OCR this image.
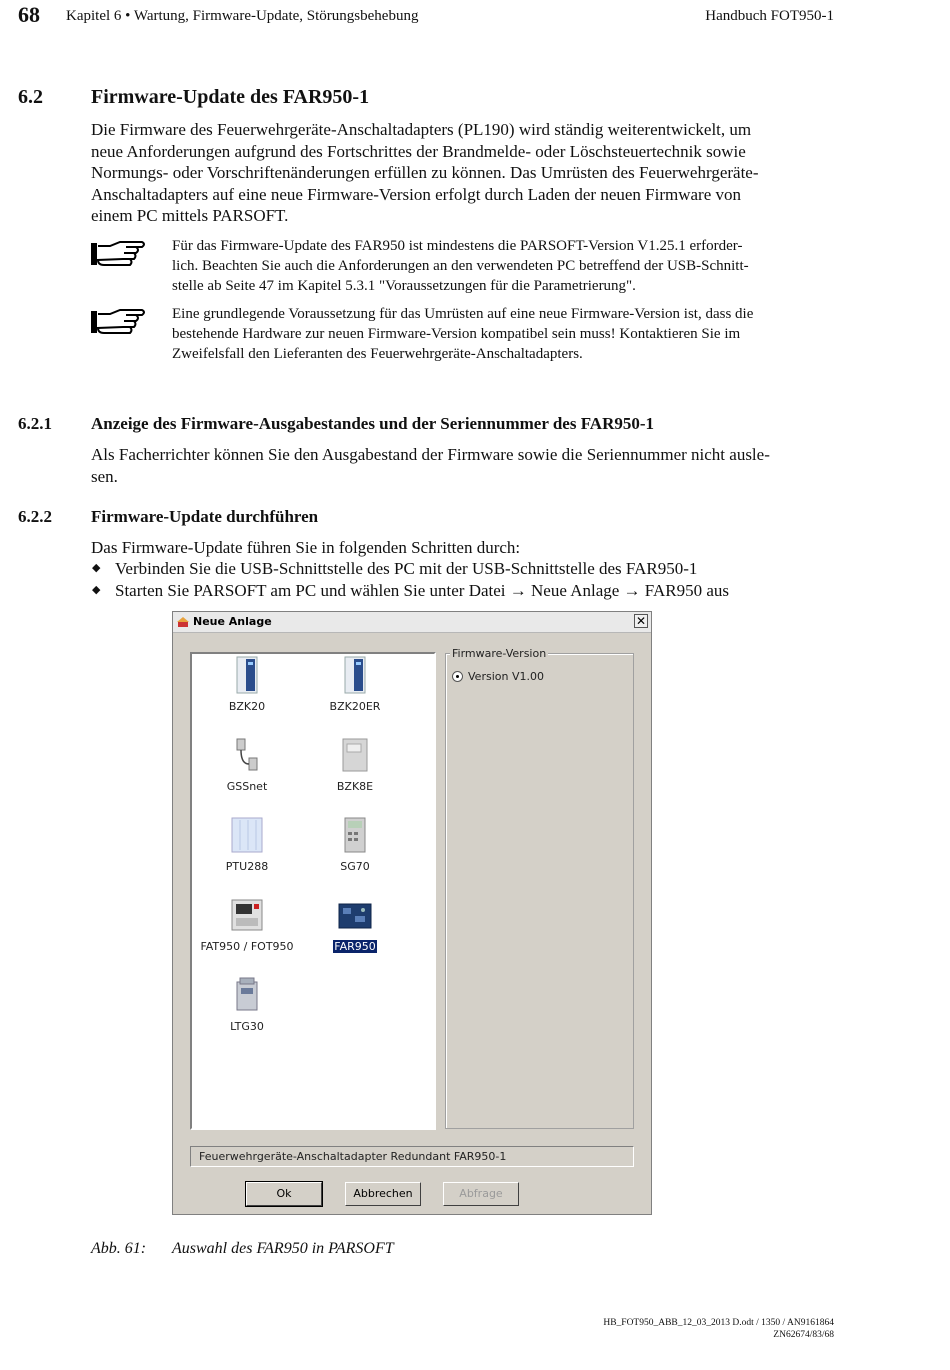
68 Kapitel 6 • Wartung, Firmware-Update, Störungsbehebung	Handbuch FOT950-1
6.2 Firmware-Update des FAR950-1

Die Firmware des Feuerwehrgeräte-Anschaltadapters (PL190) wird ständig weiterentwickelt, um
neue Anforderungen aufgrund des Fortschrittes der Brandmelde- oder Löschsteuertechnik sowie
Normungs- oder Vorschriftenänderungen erfüllen zu können. Das Umrüsten des Feuerwehrgeräte-
Anschaltadapters auf eine neue Firmware-Version erfolgt durch Laden der neuen Firmware von
einem PC mittels PARSOFT.

Für das Firmware-Update des FAR950 ist mindestens die PARSOFT-Version V1.25.1 erforder-
lich. Beachten Sie auch die Anforderungen an den verwendeten PC betreffend der USB-Schnitt-
stelle ab Seite 47 im Kapitel 5.3.1 "Voraussetzungen für die Parametrierung".

Eine grundlegende Voraussetzung für das Umrüsten auf eine neue Firmware-Version ist, dass die
bestehende Hardware zur neuen Firmware-Version kompatibel sein muss! Kontaktieren Sie im
Zweifelsfall den Lieferanten des Feuerwehrgeräte-Anschaltadapters.

6.2.1 Anzeige des Firmware-Ausgabestandes und der Seriennummer des FAR950-1

Als Facherrichter können Sie den Ausgabestand der Firmware sowie die Seriennummer nicht ausle-
sen.

6.2.2 Firmware-Update durchführen

Das Firmware-Update führen Sie in folgenden Schritten durch:

◆ Verbinden Sie die USB-Schnittstelle des PC mit der USB-Schnittstelle des FAR950-1
◆ Starten Sie PARSOFT am PC und wählen Sie unter Datei → Neue Anlage → FAR950 aus
Neue Anlage	✕
BZK20	BZK20ER
GSSnet	BZK8E
PTU288	SG70
FAT950 / FOT950	FAR950
LTG30
Firmware-Version
Version V1.00
Feuerwehrgeräte-Anschaltadapter Redundant FAR950-1
Ok	Abbrechen	Abfrage
Abb. 61: Auswahl des FAR950 in PARSOFT
HB_FOT950_ABB_12_03_2013 D.odt / 1350 / AN9161864
ZN62674/83/68
